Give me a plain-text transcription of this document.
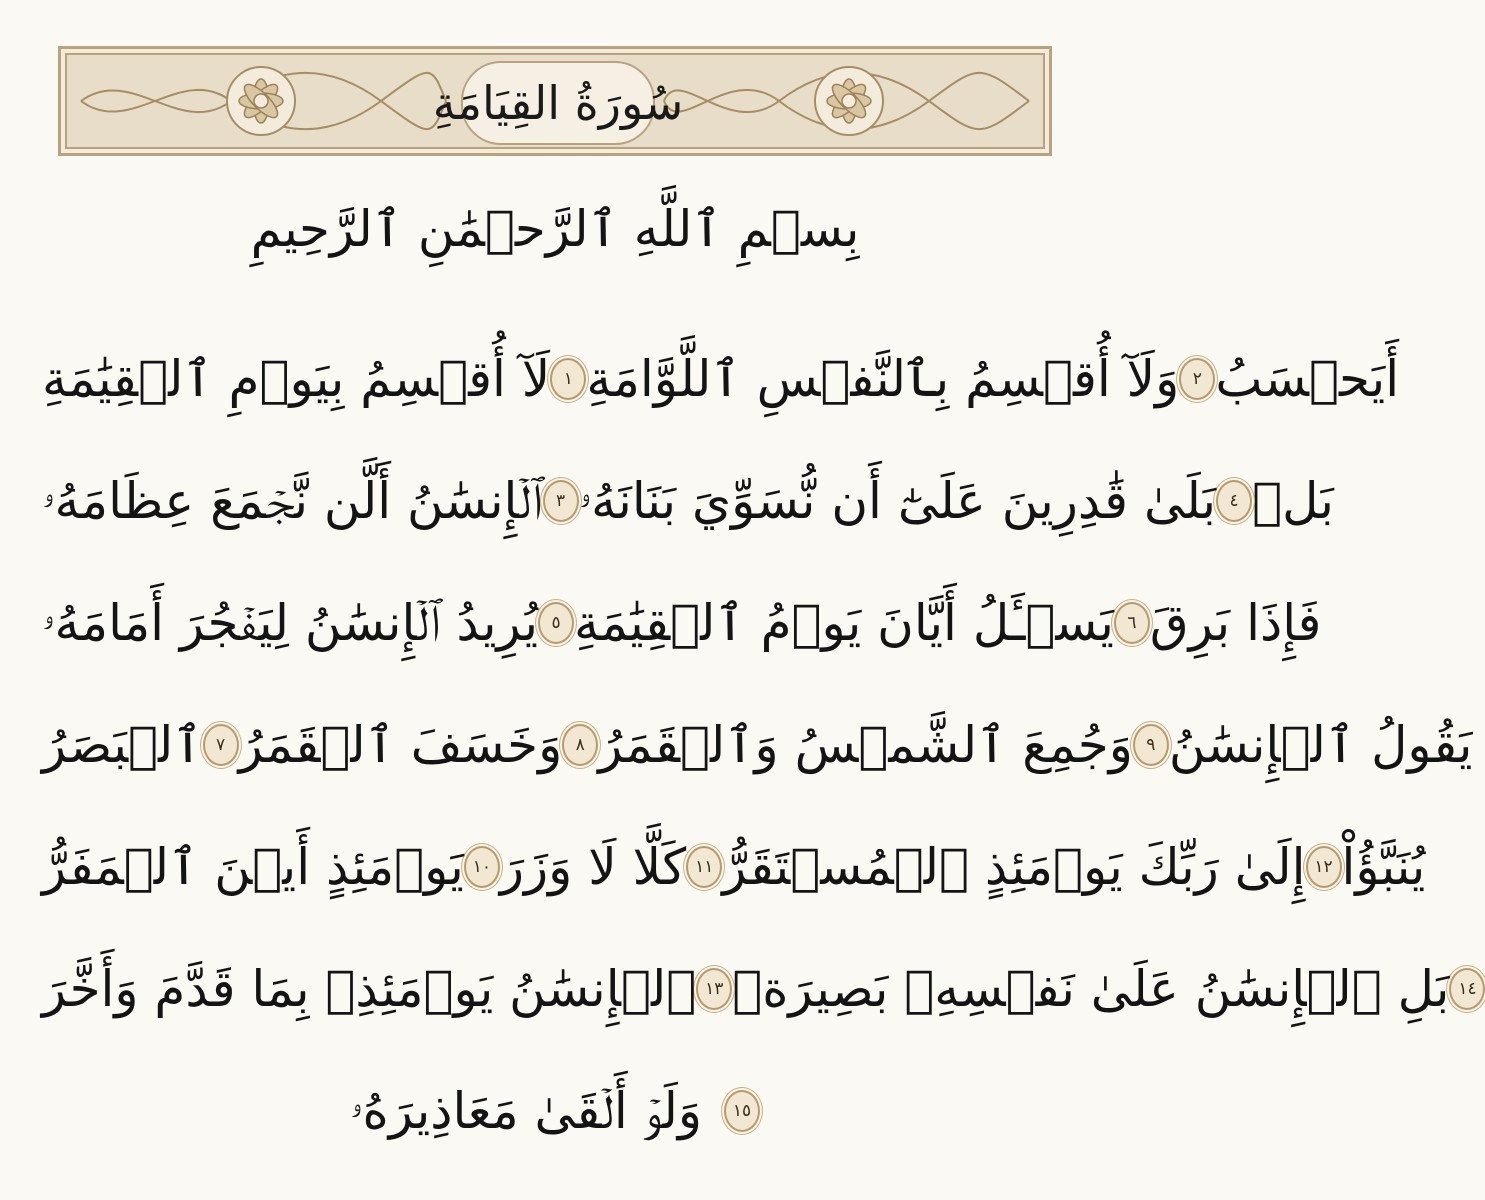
سُورَةُ القِيَامَةِ
بِسۡمِ ٱللَّهِ ٱلرَّحۡمَٰنِ ٱلرَّحِيمِ
لَآ أُقۡسِمُ بِيَوۡمِ ٱلۡقِيَٰمَةِ ١ وَلَآ أُقۡسِمُ بِٱلنَّفۡسِ ٱللَّوَّامَةِ ٢ أَيَحۡسَبُ
ٱلۡإِنسَٰنُ أَلَّن نَّجۡمَعَ عِظَامَهُۥ ٣ بَلَىٰ قَٰدِرِينَ عَلَىٰٓ أَن نُّسَوِّيَ بَنَانَهُۥ ٤ بَلۡ
يُرِيدُ ٱلۡإِنسَٰنُ لِيَفۡجُرَ أَمَامَهُۥ ٥ يَسۡـَٔلُ أَيَّانَ يَوۡمُ ٱلۡقِيَٰمَةِ ٦ فَإِذَا بَرِقَ
ٱلۡبَصَرُ ٧ وَخَسَفَ ٱلۡقَمَرُ ٨ وَجُمِعَ ٱلشَّمۡسُ وَٱلۡقَمَرُ ٩ يَقُولُ ٱلۡإِنسَٰنُ
يَوۡمَئِذٍ أَيۡنَ ٱلۡمَفَرُّ ١٠ كَلَّا لَا وَزَرَ ١١ إِلَىٰ رَبِّكَ يَوۡمَئِذٍ ٱلۡمُسۡتَقَرُّ ١٢ يُنَبَّؤُاْ
ٱلۡإِنسَٰنُ يَوۡمَئِذِۭ بِمَا قَدَّمَ وَأَخَّرَ ١٣ بَلِ ٱلۡإِنسَٰنُ عَلَىٰ نَفۡسِهِۦ بَصِيرَةٞ ١٤
وَلَوۡ أَلۡقَىٰ مَعَاذِيرَهُۥ	١٥
